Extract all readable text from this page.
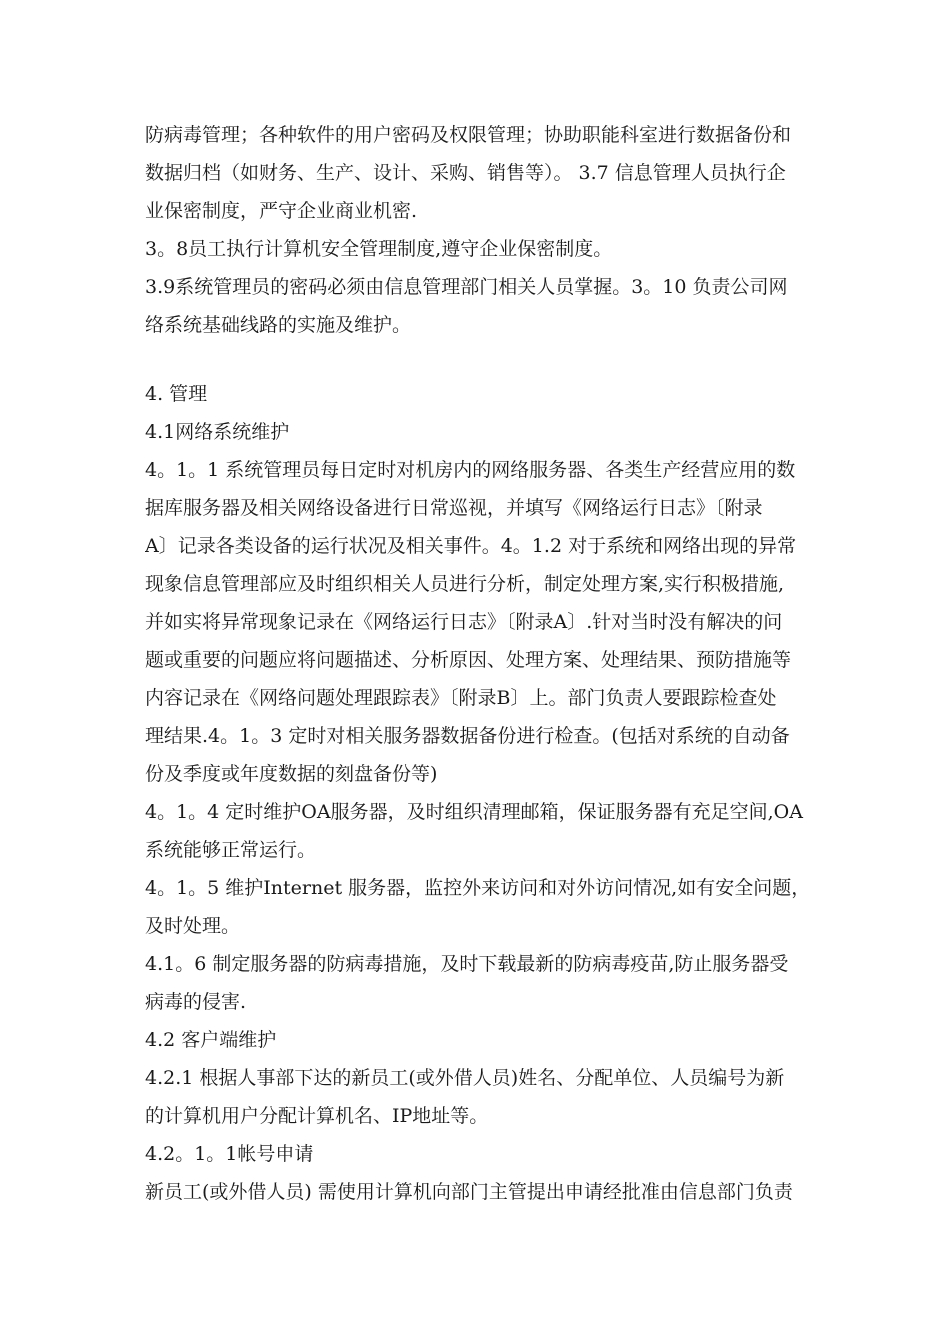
防病毒管理；各种软件的用户密码及权限管理；协助职能科室进行数据备份和
数据归档（如财务、生产、设计、采购、销售等）。 3.7 信息管理人员执行企
业保密制度，严守企业商业机密.
3。8员工执行计算机安全管理制度,遵守企业保密制度。
3.9系统管理员的密码必须由信息管理部门相关人员掌握。3。10 负责公司网
络系统基础线路的实施及维护。
4. 管理
4.1网络系统维护
4。1。1 系统管理员每日定时对机房内的网络服务器、各类生产经营应用的数
据库服务器及相关网络设备进行日常巡视，并填写《网络运行日志》〔附录
A〕记录各类设备的运行状况及相关事件。4。1.2 对于系统和网络出现的异常
现象信息管理部应及时组织相关人员进行分析，制定处理方案,实行积极措施,
并如实将异常现象记录在《网络运行日志》〔附录A〕.针对当时没有解决的问
题或重要的问题应将问题描述、分析原因、处理方案、处理结果、预防措施等
内容记录在《网络问题处理跟踪表》〔附录B〕上。部门负责人要跟踪检查处
理结果.4。1。3 定时对相关服务器数据备份进行检查。(包括对系统的自动备
份及季度或年度数据的刻盘备份等)
4。1。4 定时维护OA服务器，及时组织清理邮箱，保证服务器有充足空间,OA
系统能够正常运行。
4。1。5 维护Internet 服务器，监控外来访问和对外访问情况,如有安全问题，
及时处理。
4.1。6 制定服务器的防病毒措施，及时下载最新的防病毒疫苗,防止服务器受
病毒的侵害.
4.2 客户端维护
4.2.1 根据人事部下达的新员工(或外借人员)姓名、分配单位、人员编号为新
的计算机用户分配计算机名、IP地址等。
4.2。1。1帐号申请
新员工(或外借人员) 需使用计算机向部门主管提出申请经批准由信息部门负责
